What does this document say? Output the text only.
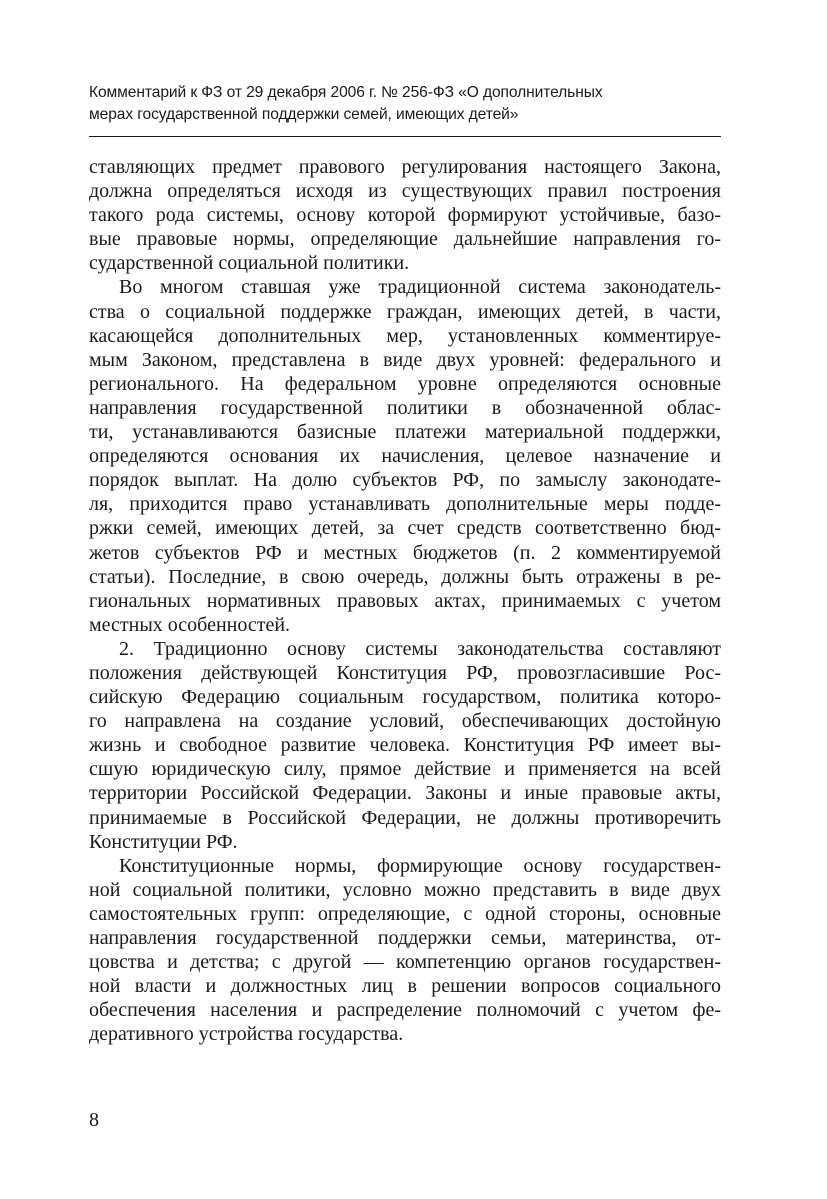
Комментарий к ФЗ от 29 декабря 2006 г. № 256-ФЗ «О дополнительных
мерах государственной поддержки семей, имеющих детей»
ставляющих предмет правового регулирования настоящего Закона,
должна определяться исходя из существующих правил построения
такого рода системы, основу которой формируют устойчивые, базо-
вые правовые нормы, определяющие дальнейшие направления го-
сударственной социальной политики.
Во многом ставшая уже традиционной система законодатель-
ства о социальной поддержке граждан, имеющих детей, в части,
касающейся дополнительных мер, установленных комментируе-
мым Законом, представлена в виде двух уровней: федерального и
регионального. На федеральном уровне определяются основные
направления государственной политики в обозначенной облас-
ти, устанавливаются базисные платежи материальной поддержки,
определяются основания их начисления, целевое назначение и
порядок выплат. На долю субъектов РФ, по замыслу законодате-
ля, приходится право устанавливать дополнительные меры подде-
ржки семей, имеющих детей, за счет средств соответственно бюд-
жетов субъектов РФ и местных бюджетов (п. 2 комментируемой
статьи). Последние, в свою очередь, должны быть отражены в ре-
гиональных нормативных правовых актах, принимаемых с учетом
местных особенностей.
2. Традиционно основу системы законодательства составляют
положения действующей Конституция РФ, провозгласившие Рос-
сийскую Федерацию социальным государством, политика которо-
го направлена на создание условий, обеспечивающих достойную
жизнь и свободное развитие человека. Конституция РФ имеет вы-
сшую юридическую силу, прямое действие и применяется на всей
территории Российской Федерации. Законы и иные правовые акты,
принимаемые в Российской Федерации, не должны противоречить
Конституции РФ.
Конституционные нормы, формирующие основу государствен-
ной социальной политики, условно можно представить в виде двух
самостоятельных групп: определяющие, с одной стороны, основные
направления государственной поддержки семьи, материнства, от-
цовства и детства; с другой — компетенцию органов государствен-
ной власти и должностных лиц в решении вопросов социального
обеспечения населения и распределение полномочий с учетом фе-
деративного устройства государства.
8
